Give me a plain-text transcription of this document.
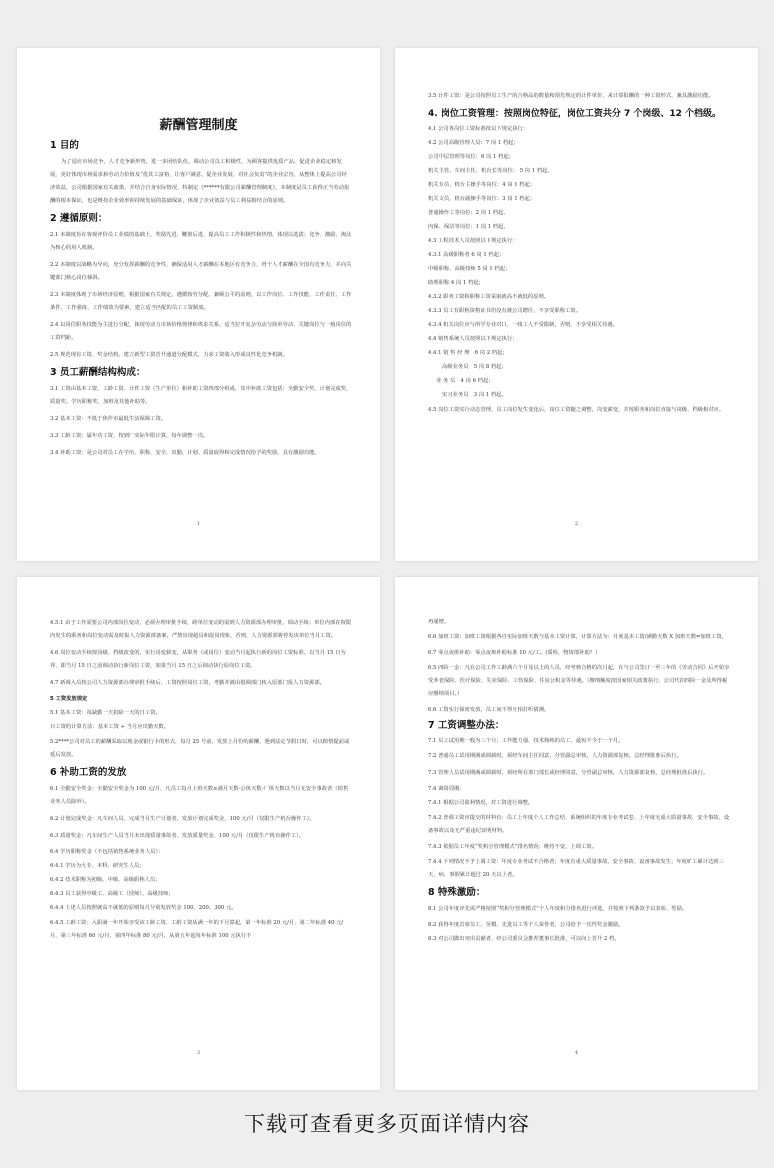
薪酬管理制度
1 目的

为了适应市场竞争，人才竞争新形势，进一步团结队伍，调动公司员工积极性，为顾客提供优质产品，促进企业稳定和发展，更好体现市场需求和劳动力价值及“优其工富裕，让客户满意、促企业发展、对社会负责”的企业宗旨，从整体上提高公司经济效益，公司根据国家有关政策，并结合自身实际情况，特制定《******有限公司薪酬管理制度》，本制度是员工获得正当劳动报酬的根本保证，也是维持企业效率和持续发展的基础保证，体现了企业效益与员工利益相结合的原则。

2 遵循原则：

2.1 本制度旨在客观评价员工业绩的基础上，奖励先进、鞭策后进，提高员工工作积极性和热情，体现以选拔；竞争、激励、淘汰为核心的用人机制。

2.2 本制度以战略为导向，充分发挥薪酬的竞争性，确保适用人才薪酬在本地区有竞争力，骨干人才薪酬在全国有竞争力，并向关键部门核心岗位倾斜。

2.3 本制度体现了市场经济原则，根据国家有关规定，遵循按劳分配，兼顾公平的原则，以工作岗位、工作技能、工作责任、工作条件、工作强度、工作绩效为要素，建立适当匹配的员工工资制度。

2.4 以岗位职务技能为主进行分配，体现劳动力市场价格规律和供求关系，适当拉开复杂劳动与简单劳动、关键岗位与一般岗位的工资档距。

2.5 规范现有工资、奖金结构，建立新型工资晋升通道分配模式，力求工资收入形成良性化竞争机制。

3 员工薪酬结构构成：

3.1 工资由基本工资、工龄工资、计件工资（生产单位）和补助工资四部分组成，其中补助工资包括：全勤安全奖、计划完成奖、质量奖、学历职称奖、加班及其他补助等。

3.2 基本工资：不低于焦作市最低生活保障工资。

3.3 工龄工资：属年功工资，按到厂实际年限计算，每年调整一次。

3.4 补助工资：是公司对员工在学历、职称、安全、出勤、计划、质量取得和完成情况给予的奖励，具有激励功能。

1

3.5 计件工资：是公司按照员工生产的合格品的数量和预先规定的计件单价，来计算报酬的一种工资形式，兼具激励功能。

4. 岗位工资管理：按照岗位特征，岗位工资共分 7 个岗级、12 个档级。

4.1 公司各岗位工资标准按以下规定执行：

4.2 公司高级管理人员：7 岗 1 档起；

公司中层管理等岗位：6 岗 1 档起；

机关主管、车间主任、机台长等岗位： 5 岗 1 档起。

机关专员、机台主操手等岗位：4 岗 1 档起；

机关文员、机台副操手等岗位：3 岗 1 档起；

普通操作工等岗位：2 岗 1 档起。

内保、保洁等岗位：1 岗 1 档起。

4.3 工程技术人员按照以下规定执行：

4.3.1 高级职称者 6 岗 1 档起；

中级职称、高级技师 5 岗 1 档起；

助理职称 4 岗 1 档起；

4.3.2 职务工资和职称工资采取就高不就低的原则。

4.3.3 员工有职称资格证书但没有被公司聘任，不享受职称工资。

4.3.4 机关岗位应与所学专业对口，一线工人不受限制，否则，不享受相关待遇。

4.4 销售系统人员按照以下规定执行：

4.4.1 销 售 经 理　6 岗 2 档起；

高级业务员　5 岗 8 档起；

业 务 员　4 岗 6 档起；

实习业务员　3 岗 1 档起。

4.5 岗位工资实行动态管理，员工岗位发生变化后，岗位工资随之调整，岗变薪变，并按职务和岗位直接与岗级、档级相对应。

2

4.5.1 由于工作需要公司内部岗位变动，必须办理审批手续，跨单位变动的需到人力资源部办理审批，调动手续；单位内部在权限内发生的职务和岗位变动需及时报人力资源部备案，严禁出现超员和混岗现象，否则，人力资源部将停发该单位当月工资。

4.6 岗位变动手续按岗级、档级改变的，实行岗变薪变，从职务（或岗位）变动当月起执行新的岗位工资标准，以当月 15 日为界，即当月 15 日之前调动执行新岗位工资，如果当月 15 日之后调动执行原岗位工资。

4.7 新调入员按公司人力资源部办理审批手续后，工资按照岗位工资，考勤并被由借调部门转入原部门报人力资源部。

5 工资发放规定

5.1 基本工资：每缺勤一天扣除一天的日工资。

日工资的计算方法：基本工资 ÷ 当月应出勤天数。

5.2****公司对员工的薪酬采取以现金或银行卡的形式，每月 25 号前，发放上月份的薪酬，遇到法定节假日时，可以酌情提前或延后发放。

6 补助工资的发放

6.1 全勤安全奖金：全勤安全奖金为 100 元/月，凡员工每月上班天数≥满月天数-公休天数-厂休天数以当月无安全事故者（销售业务人员除外）。

6.2 计划完成奖金：凡车间人员，完成当月生产计划者，发放计划完成奖金，100 元/月（仅限生产机台操作工）。

6.3 质量奖金：凡车间生产人员当月未出现质量事故者，发放质量奖金，100 元/月（仅限生产机台操作工）。

6.4 学历职称奖金（不包括销售系统业务人员）：

6.4.1 学历为大专、本科、研究生人员；

6.4.2 技术职称为初级、中级、高级职称人员；

6.4.3 员工获得中级工、高级工（技师）、高级技师；

6.4.4 上述人员按照就高不就低的原则每月分别发放奖金 100、200、300 元。

6.4.5 工龄工资：入职满一年开始享受该工龄工资，工龄工资从满一年的下月算起。第一年标准 20 元/月，第二年标准 40 元/月，第三年标准 60 元/月，第四年标准 80 元/月，从第五年起每年标准 100 元执行不

3

再递增。

6.6 加班工资：加班工资根据各自实际加班天数与基本工资计算，计算方法为：月度基本工资/满勤天数 X 加班天数=加班工资。

6.7 零点夜班补助：零点夜班补助标准 10 元/工。(质检、物资部补助？）

6.5 四险一金：凡在公司工作工龄满六个月及以上的人员，经考核合格的次月起，在与公司签订一至三年的《劳动合同》后开始享受养老保险、医疗保险、失业保险、工伤保险、住房公积金等待遇。（缴纳额度按国家相关政策执行，公司代扣四险一金及所得税应缴纳项目。）

6.6 工资实行保密发放，员工间不得互相打听猜测。

7 工资调整办法：

7.1 员工试用期一般为三个月；工作能力强、技术熟练的员工，最短不少于一个月。

7.2 普通员工试用期满或调薪时，须经车间主任同意，分管副总审核，人力资源部复核，总经理批准后执行。

7.3 管理人员试用期满或调薪时，须经所在部门部长或经理同意，分管副总审核，人力资源部复核，总经理批准后执行。

7.4 调资周期：

7.4.1 根据公司盈利情况，对工资进行调整。

7.4.2 普调工资应提交的材料有：员工上年度个人工作总结、系统组织的年度专业考试卷、上年度无重大质量事故、安全事故、设备事故以及无严重违纪证明材料。

7.4.3 依据员工年度“奖积分管理模式”排名情况：维持不变、上调工资。

7.4.4 下列情况不予上调工资：年度专业考试不合格者；年度有重大质量事故、安全事故、设备事故发生；年度旷工累计达到三天，病、事假累计超过 20 天以上者。

8 特殊激励：

8.1 公司年度评先需严格按照“奖积分管理模式”个人年度积分排名进行评选，并按照下列条款予以表彰、奖励。

8.2 获得年度首席员工、劳模、先进员工等个人荣誉者，公司给予一次性奖金激励。

8.3 对公司做出突出贡献者，经公司委员会推荐董事长批准，可以向上晋升 2 档。

4
下载可查看更多页面详情内容
